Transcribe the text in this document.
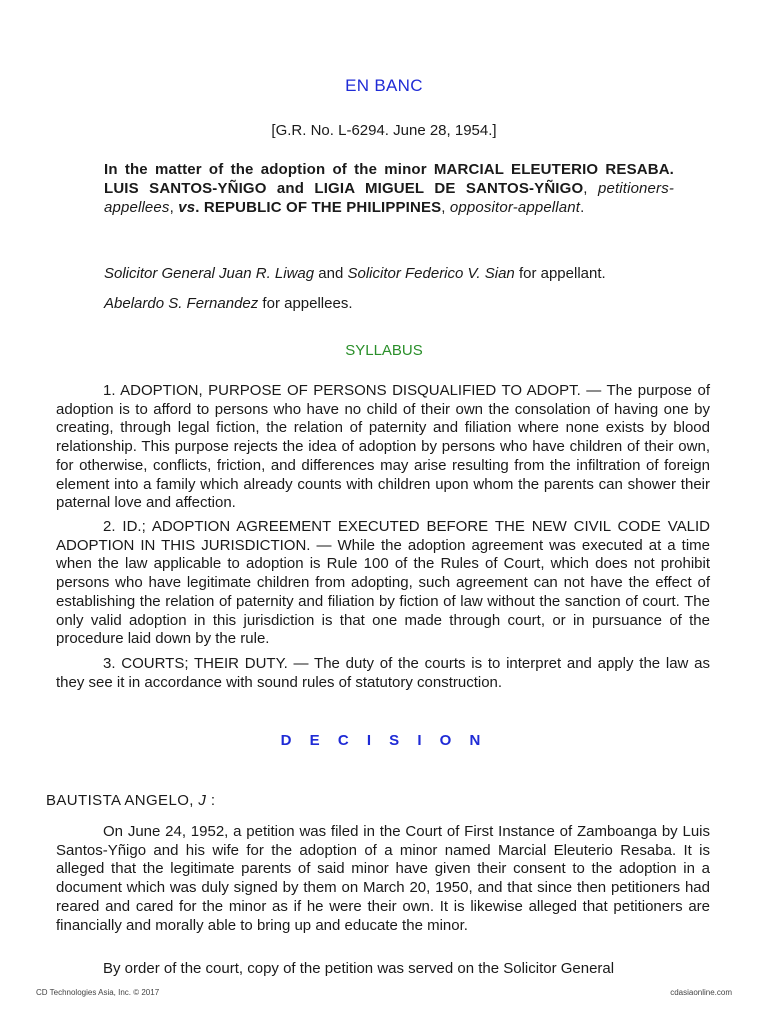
EN BANC
[G.R. No. L-6294. June 28, 1954.]
In the matter of the adoption of the minor MARCIAL ELEUTERIO RESABA. LUIS SANTOS-YÑIGO and LIGIA MIGUEL DE SANTOS-YÑIGO, petitioners-appellees, vs. REPUBLIC OF THE PHILIPPINES, oppositor-appellant.
Solicitor General Juan R. Liwag and Solicitor Federico V. Sian for appellant.
Abelardo S. Fernandez for appellees.
SYLLABUS
1. ADOPTION, PURPOSE OF PERSONS DISQUALIFIED TO ADOPT. — The purpose of adoption is to afford to persons who have no child of their own the consolation of having one by creating, through legal fiction, the relation of paternity and filiation where none exists by blood relationship. This purpose rejects the idea of adoption by persons who have children of their own, for otherwise, conflicts, friction, and differences may arise resulting from the infiltration of foreign element into a family which already counts with children upon whom the parents can shower their paternal love and affection.
2. ID.; ADOPTION AGREEMENT EXECUTED BEFORE THE NEW CIVIL CODE VALID ADOPTION IN THIS JURISDICTION. — While the adoption agreement was executed at a time when the law applicable to adoption is Rule 100 of the Rules of Court, which does not prohibit persons who have legitimate children from adopting, such agreement can not have the effect of establishing the relation of paternity and filiation by fiction of law without the sanction of court. The only valid adoption in this jurisdiction is that one made through court, or in pursuance of the procedure laid down by the rule.
3. COURTS; THEIR DUTY. — The duty of the courts is to interpret and apply the law as they see it in accordance with sound rules of statutory construction.
D E C I S I O N
BAUTISTA ANGELO, J :
On June 24, 1952, a petition was filed in the Court of First Instance of Zamboanga by Luis Santos-Yñigo and his wife for the adoption of a minor named Marcial Eleuterio Resaba. It is alleged that the legitimate parents of said minor have given their consent to the adoption in a document which was duly signed by them on March 20, 1950, and that since then petitioners had reared and cared for the minor as if he were their own. It is likewise alleged that petitioners are financially and morally able to bring up and educate the minor.
By order of the court, copy of the petition was served on the Solicitor General
CD Technologies Asia, Inc. © 2017	cdasiaonline.com
